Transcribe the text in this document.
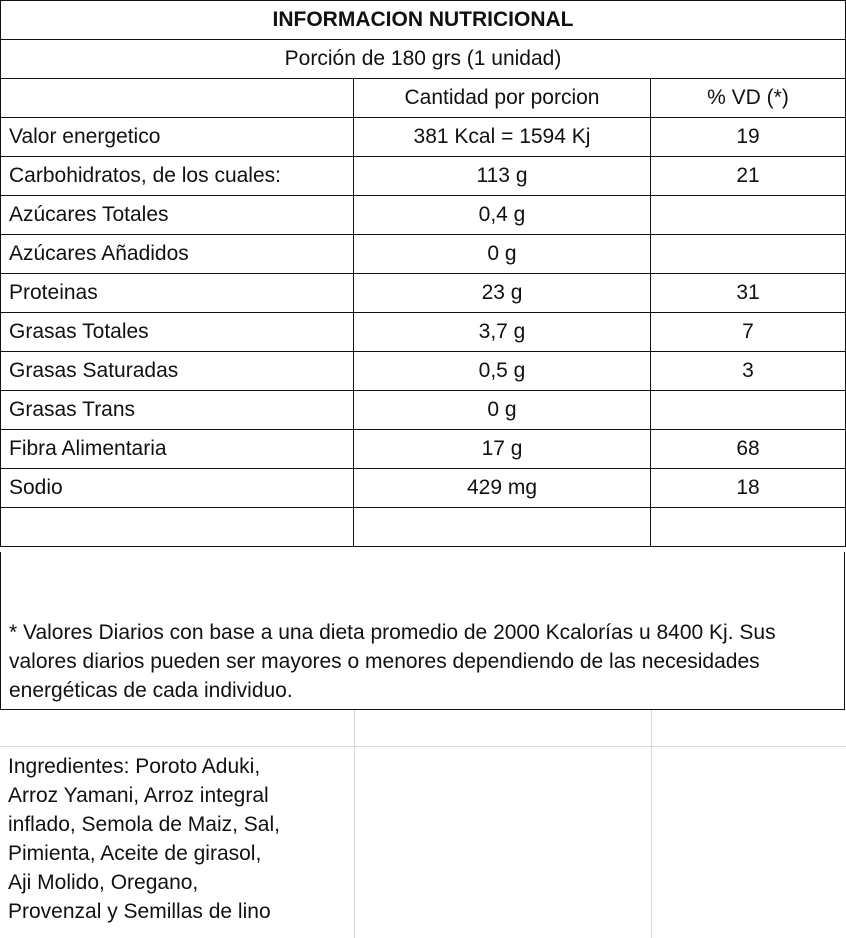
INFORMACION NUTRICIONAL		
Porción de 180 grs (1 unidad)		
	Cantidad por porcion	% VD (*)
Valor energetico	381 Kcal = 1594 Kj	19
Carbohidratos, de los cuales:	113 g	21
Azúcares Totales	0,4 g	
Azúcares Añadidos	0 g	
Proteinas	23 g	31
Grasas Totales	3,7 g	7
Grasas Saturadas	0,5 g	3
Grasas Trans	0 g	
Fibra Alimentaria	17 g	68
Sodio	429 mg	18

* Valores Diarios con base a una dieta promedio de 2000 Kcalorías u 8400 Kj. Sus valores diarios pueden ser mayores o menores dependiendo de las necesidades energéticas de cada individuo.
Ingredientes: Poroto Aduki,
Arroz Yamani, Arroz integral
inflado, Semola de Maiz, Sal,
Pimienta, Aceite de girasol,
Aji Molido, Oregano,
Provenzal y Semillas de lino
